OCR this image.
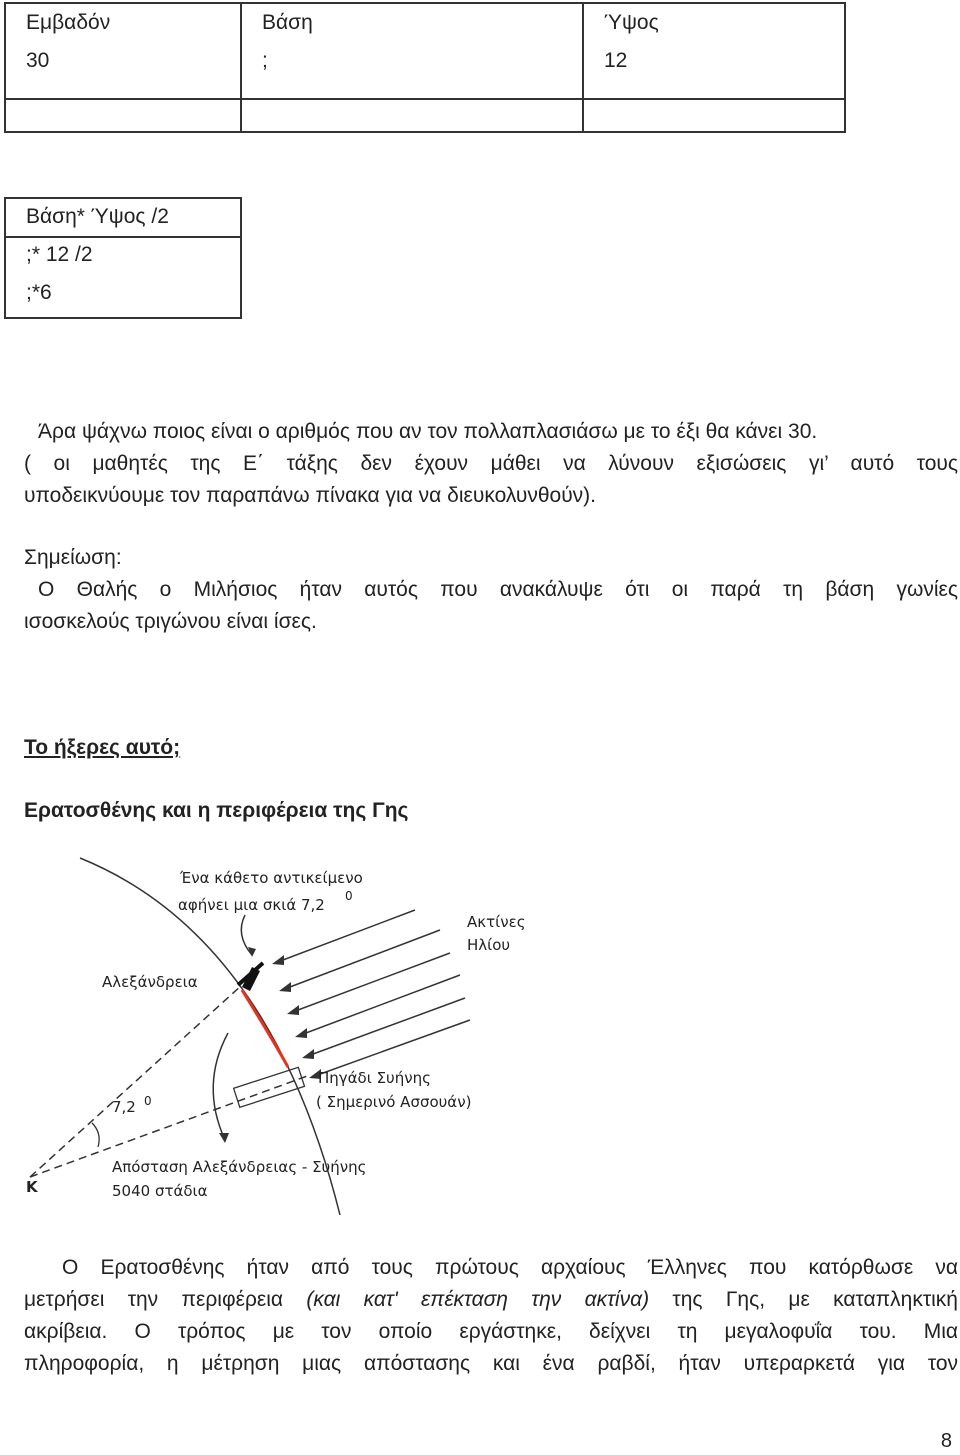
Εμβαδόν	Βάση	Ύψος
30	;	12
Βάση* Ύψος /2
;* 12 /2
;*6
Άρα ψάχνω ποιος είναι ο αριθμός που αν τον πολλαπλασιάσω με το έξι θα κάνει 30.
( οι μαθητές της Ε΄ τάξης δεν έχουν μάθει να λύνουν εξισώσεις γι’ αυτό τους
υποδεικνύουμε τον παραπάνω πίνακα για να διευκολυνθούν).
Σημείωση:
Ο Θαλής ο Μιλήσιος ήταν αυτός που ανακάλυψε ότι οι παρά τη βάση γωνίες
ισοσκελούς τριγώνου είναι ίσες.
Το ήξερες αυτό;
Ερατοσθένης και η περιφέρεια της Γης
Ένα κάθετο αντικείμενο
αφήνει μια σκιά 7,2 0
Ακτίνες
Ηλίου
Αλεξάνδρεια
Πηγάδι Συήνης
( Σημερινό Ασσουάν)
7,2 0
Απόσταση Αλεξάνδρειας - Συήνης
5040 στάδια
Κ
Ο Ερατοσθένης ήταν από τους πρώτους αρχαίους Έλληνες που κατόρθωσε να
μετρήσει την περιφέρεια (και κατ' επέκταση την ακτίνα) της Γης, με καταπληκτική
ακρίβεια. Ο τρόπος με τον οποίο εργάστηκε, δείχνει τη μεγαλοφυΐα του. Μια
πληροφορία, η μέτρηση μιας απόστασης και ένα ραβδί, ήταν υπεραρκετά για τον
8
